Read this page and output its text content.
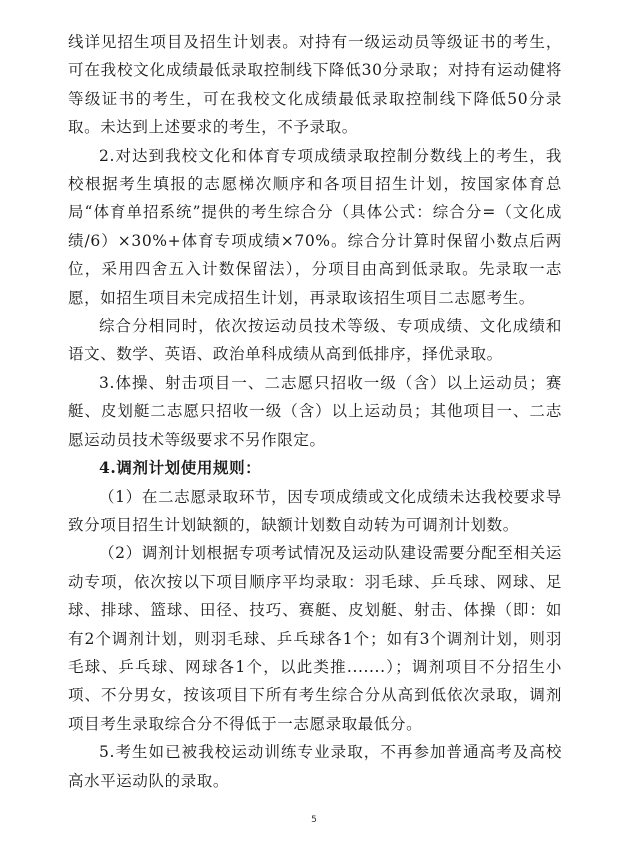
线详见招生项目及招生计划表。对持有一级运动员等级证书的考生，可在我校文化成绩最低录取控制线下降低30分录取；对持有运动健将等级证书的考生，可在我校文化成绩最低录取控制线下降低50分录取。未达到上述要求的考生，不予录取。

2.对达到我校文化和体育专项成绩录取控制分数线上的考生，我校根据考生填报的志愿梯次顺序和各项目招生计划，按国家体育总局“体育单招系统”提供的考生综合分（具体公式：综合分=（文化成绩/6）×30%+体育专项成绩×70%。综合分计算时保留小数点后两位，采用四舍五入计数保留法），分项目由高到低录取。先录取一志愿，如招生项目未完成招生计划，再录取该招生项目二志愿考生。

综合分相同时，依次按运动员技术等级、专项成绩、文化成绩和语文、数学、英语、政治单科成绩从高到低排序，择优录取。

3.体操、射击项目一、二志愿只招收一级（含）以上运动员；赛艇、皮划艇二志愿只招收一级（含）以上运动员；其他项目一、二志愿运动员技术等级要求不另作限定。

4.调剂计划使用规则：

（1）在二志愿录取环节，因专项成绩或文化成绩未达我校要求导致分项目招生计划缺额的，缺额计划数自动转为可调剂计划数。

（2）调剂计划根据专项考试情况及运动队建设需要分配至相关运动专项，依次按以下项目顺序平均录取：羽毛球、乒乓球、网球、足球、排球、篮球、田径、技巧、赛艇、皮划艇、射击、体操（即：如有2个调剂计划，则羽毛球、乒乓球各1个；如有3个调剂计划，则羽毛球、乒乓球、网球各1个，以此类推.......）；调剂项目不分招生小项、不分男女，按该项目下所有考生综合分从高到低依次录取，调剂项目考生录取综合分不得低于一志愿录取最低分。

5.考生如已被我校运动训练专业录取，不再参加普通高考及高校高水平运动队的录取。

5
